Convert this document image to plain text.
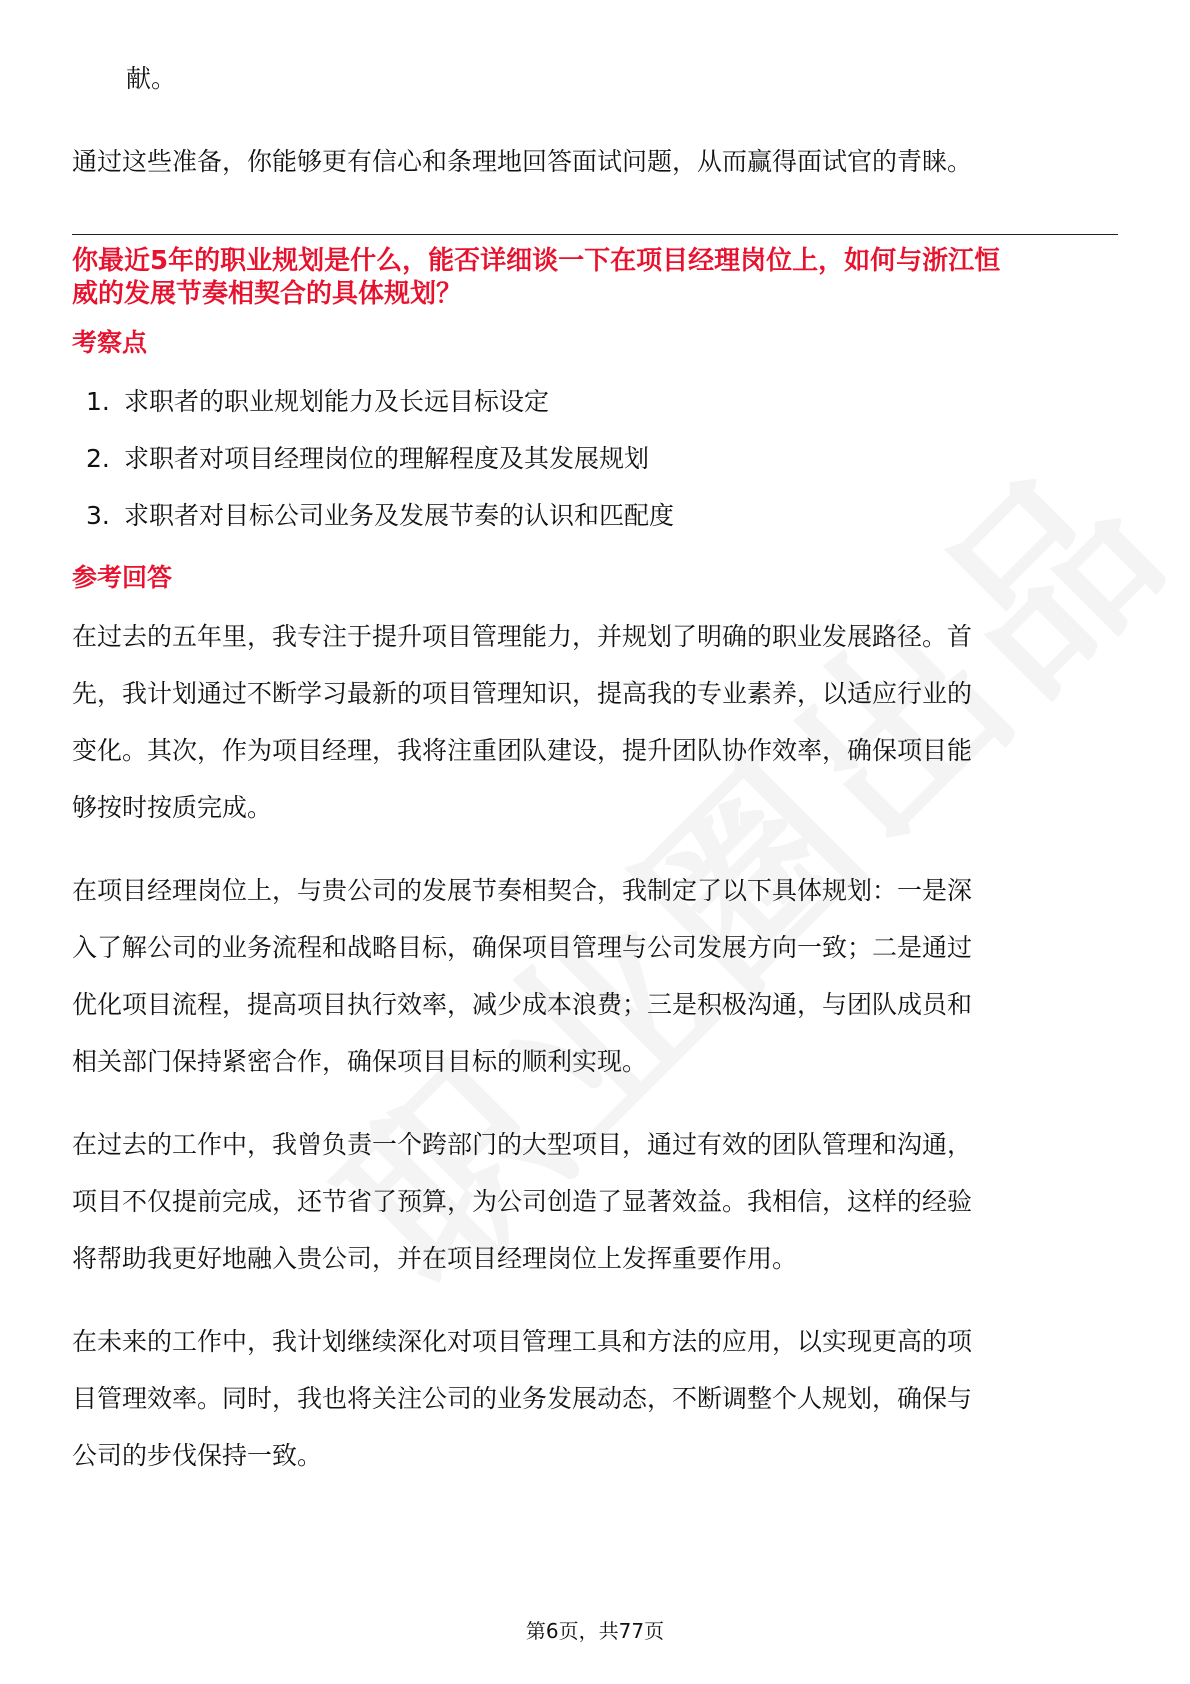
献。

通过这些准备，你能够更有信心和条理地回答面试问题，从而赢得面试官的青睐。

你最近5年的职业规划是什么，能否详细谈一下在项目经理岗位上，如何与浙江恒
威的发展节奏相契合的具体规划？
考察点
1. 求职者的职业规划能力及长远目标设定
2. 求职者对项目经理岗位的理解程度及其发展规划
3. 求职者对目标公司业务及发展节奏的认识和匹配度
参考回答
在过去的五年里，我专注于提升项目管理能力，并规划了明确的职业发展路径。首
先，我计划通过不断学习最新的项目管理知识，提高我的专业素养，以适应行业的
变化。其次，作为项目经理，我将注重团队建设，提升团队协作效率，确保项目能
够按时按质完成。
在项目经理岗位上，与贵公司的发展节奏相契合，我制定了以下具体规划：一是深
入了解公司的业务流程和战略目标，确保项目管理与公司发展方向一致；二是通过
优化项目流程，提高项目执行效率，减少成本浪费；三是积极沟通，与团队成员和
相关部门保持紧密合作，确保项目目标的顺利实现。
在过去的工作中，我曾负责一个跨部门的大型项目，通过有效的团队管理和沟通，
项目不仅提前完成，还节省了预算，为公司创造了显著效益。我相信，这样的经验
将帮助我更好地融入贵公司，并在项目经理岗位上发挥重要作用。
在未来的工作中，我计划继续深化对项目管理工具和方法的应用，以实现更高的项
目管理效率。同时，我也将关注公司的业务发展动态，不断调整个人规划，确保与
公司的步伐保持一致。
第6页，共77页
